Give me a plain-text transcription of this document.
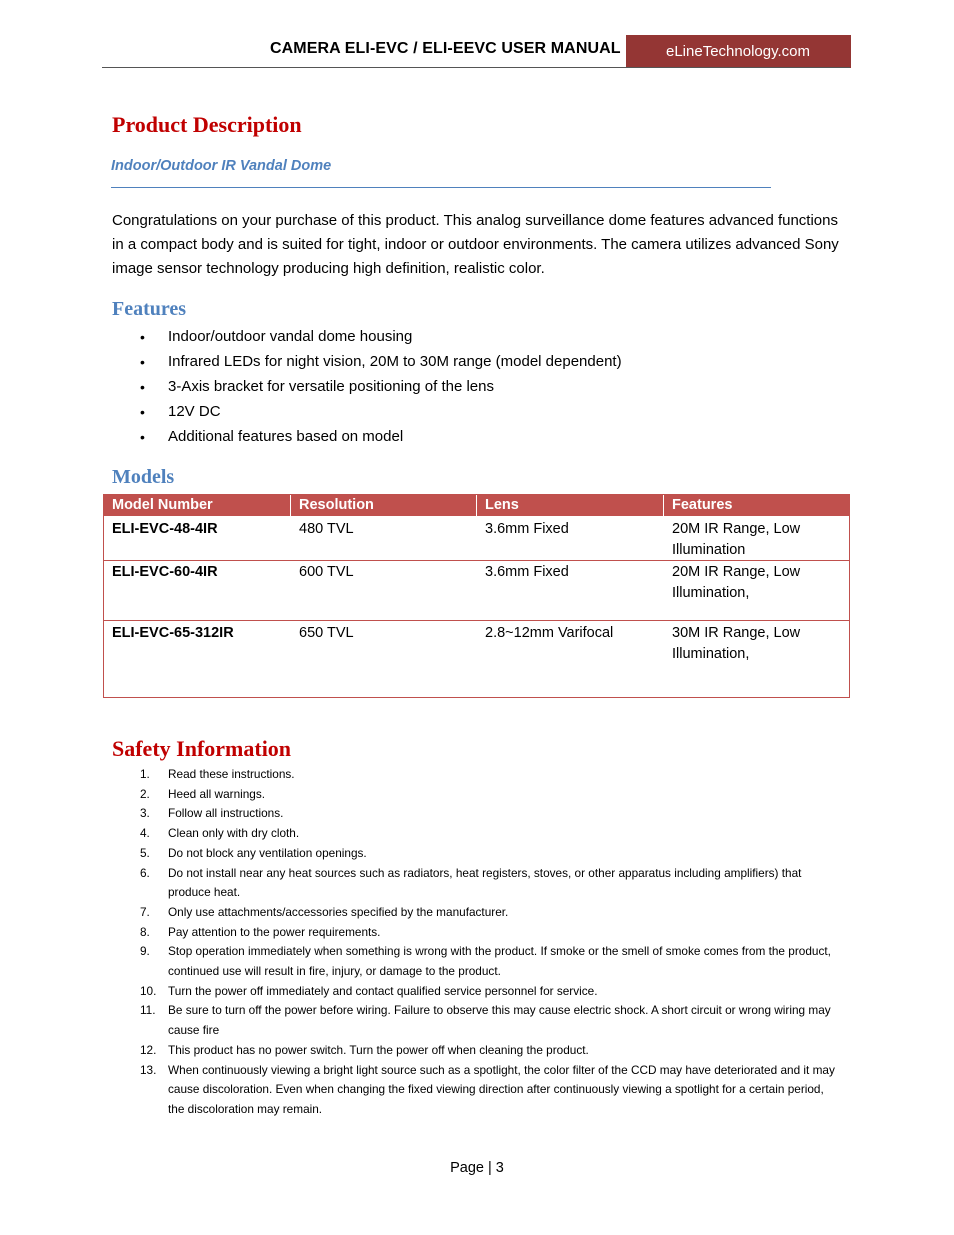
CAMERA ELI-EVC / ELI-EEVC USER MANUAL	eLineTechnology.com
Product Description
Indoor/Outdoor IR Vandal Dome
Congratulations on your purchase of this product. This analog surveillance dome features advanced functions in a compact body and is suited for tight, indoor or outdoor environments. The camera utilizes advanced Sony image sensor technology producing high definition, realistic color.
Features
• Indoor/outdoor vandal dome housing
• Infrared LEDs for night vision, 20M to 30M range (model dependent)
• 3-Axis bracket for versatile positioning of the lens
• 12V DC
• Additional features based on model
Models
Model Number	Resolution	Lens	Features
ELI-EVC-48-4IR	480 TVL	3.6mm Fixed	20M IR Range, Low Illumination
ELI-EVC-60-4IR	600 TVL	3.6mm Fixed	20M IR Range, Low Illumination,
ELI-EVC-65-312IR	650 TVL	2.8~12mm Varifocal	30M IR Range, Low Illumination,
Safety Information
1. Read these instructions.
2. Heed all warnings.
3. Follow all instructions.
4. Clean only with dry cloth.
5. Do not block any ventilation openings.
6. Do not install near any heat sources such as radiators, heat registers, stoves, or other apparatus including amplifiers) that produce heat.
7. Only use attachments/accessories specified by the manufacturer.
8. Pay attention to the power requirements.
9. Stop operation immediately when something is wrong with the product. If smoke or the smell of smoke comes from the product, continued use will result in fire, injury, or damage to the product.
10. Turn the power off immediately and contact qualified service personnel for service.
11. Be sure to turn off the power before wiring. Failure to observe this may cause electric shock. A short circuit or wrong wiring may cause fire
12. This product has no power switch. Turn the power off when cleaning the product.
13. When continuously viewing a bright light source such as a spotlight, the color filter of the CCD may have deteriorated and it may cause discoloration. Even when changing the fixed viewing direction after continuously viewing a spotlight for a certain period, the discoloration may remain.
Page | 3
